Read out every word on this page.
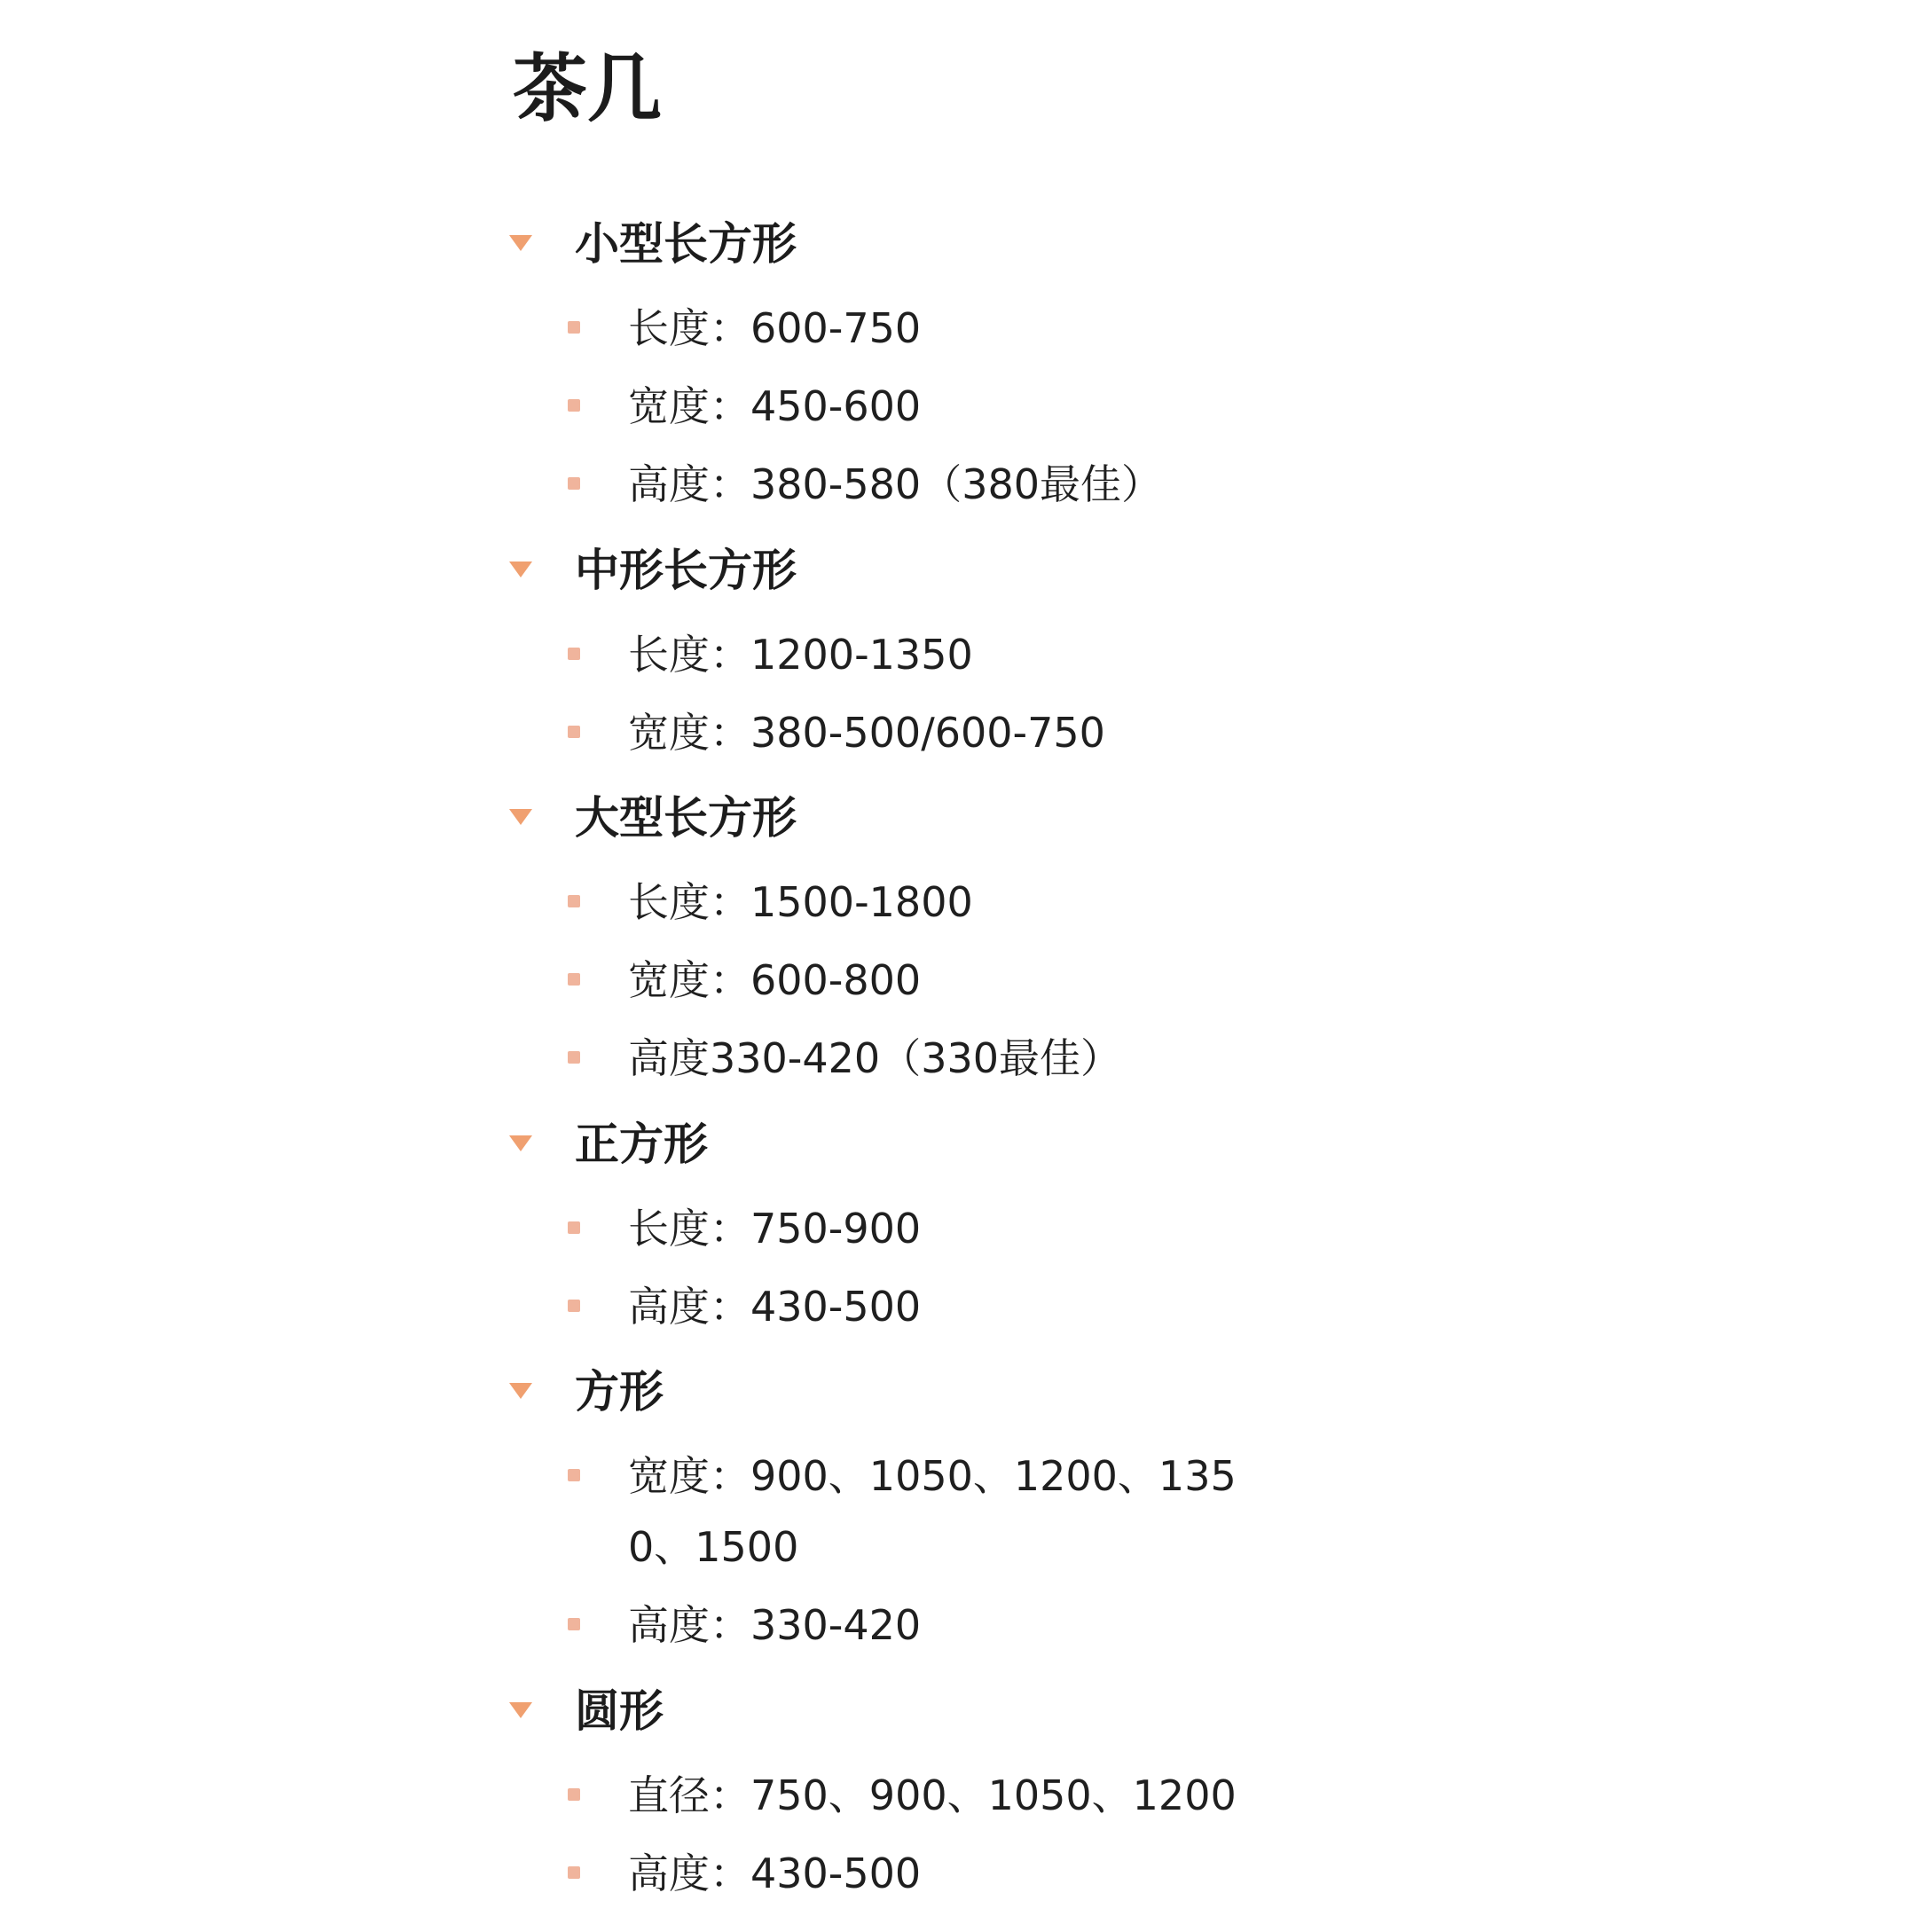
茶几
小型长方形
长度：600-750
宽度：450-600
高度：380-580（380最佳）
中形长方形
长度：1200-1350
宽度：380-500/600-750
大型长方形
长度：1500-1800
宽度：600-800
高度330-420（330最佳）
正方形
长度：750-900
高度：430-500
方形
宽度：900、1050、1200、1350、1500
高度：330-420
圆形
直径：750、900、1050、1200
高度：430-500
